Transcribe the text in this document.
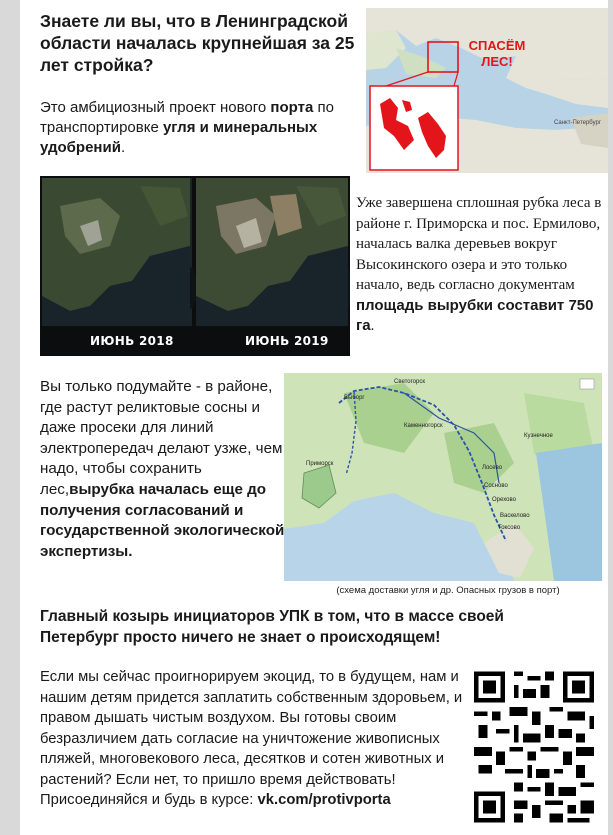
Знаете ли вы, что в Ленинградской области началась крупнейшая за 25 лет стройка?
Это амбициозный проект нового порта по транспортировке угля и минеральных удобрений.
СПАСЁМ ЛЕС!
Санкт-Петербург
ИЮНЬ 2018	ИЮНЬ 2019
Уже завершена сплошная рубка леса в районе г. Приморска и пос. Ермилово, началась валка деревьев вокруг Высокинского озера и это только начало, ведь согласно документам площадь вырубки составит 750 га.
Вы только подумайте - в районе, где растут реликтовые сосны и даже просеки для линий электропередач делают узже, чем надо, чтобы сохранить лес,вырубка началась еще до получения согласований и государственной экологической экспертизы.
Выборг
Светогорск
Приморск
Каменногорск
Лосево
Сосново
Орехово
Кузнечное
Токсово
Васкелово
(схема доставки угля и др. Опасных грузов в порт)
Главный козырь инициаторов УПК в том, что в массе своей Петербург просто ничего не знает о происходящем!
Если мы сейчас проигнорируем экоцид, то в будущем, нам и нашим детям придется заплатить собственным здоровьем, и правом дышать чистым воздухом. Вы готовы своим безразличием дать согласие на уничтожение живописных пляжей, многовекового леса, десятков и сотен животных и растений? Если нет, то пришло время действовать! Присоединяйся и будь в курсе: vk.com/protivporta
